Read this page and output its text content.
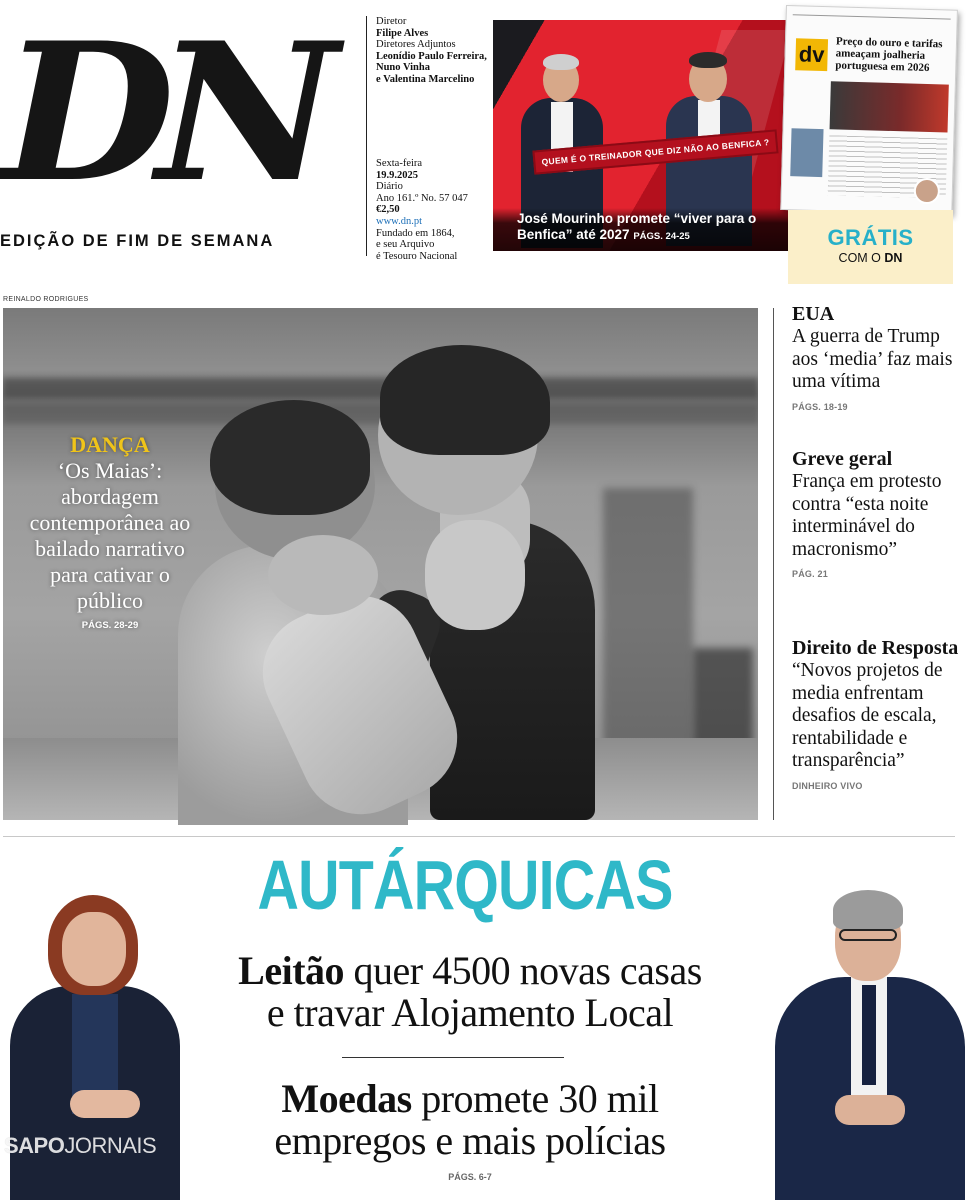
DN
EDIÇÃO DE FIM DE SEMANA
Diretor
Filipe Alves
Diretores Adjuntos
Leonídio Paulo Ferreira,
Nuno Vinha
e Valentina Marcelino
Sexta-feira
19.9.2025
Diário
Ano 161.º No. 57 047
€2,50
www.dn.pt
Fundado em 1864,
e seu Arquivo
é Tesouro Nacional
QUEM É O TREINADOR QUE DIZ NÃO AO BENFICA ?
José Mourinho promete “viver para o Benfica” até 2027 PÁGS. 24-25
dv Preço do ouro e tarifas ameaçam joalheria portuguesa em 2026
GRÁTIS
COM O DN
REINALDO RODRIGUES
DANÇA
‘Os Maias’: abordagem contemporânea ao bailado narrativo para cativar o público
PÁGS. 28-29
EUA
A guerra de Trump aos ‘media’ faz mais uma vítima
PÁGS. 18-19
Greve geral
França em protesto contra “esta noite interminável do macronismo”
PÁG. 21
Direito de Resposta
“Novos projetos de media enfrentam desafios de escala, rentabilidade e transparência”
DINHEIRO VIVO
AUTÁRQUICAS
Leitão quer 4500 novas casas
e travar Alojamento Local
Moedas promete 30 mil
empregos e mais polícias
PÁGS. 6-7
SAPOJORNAIS
